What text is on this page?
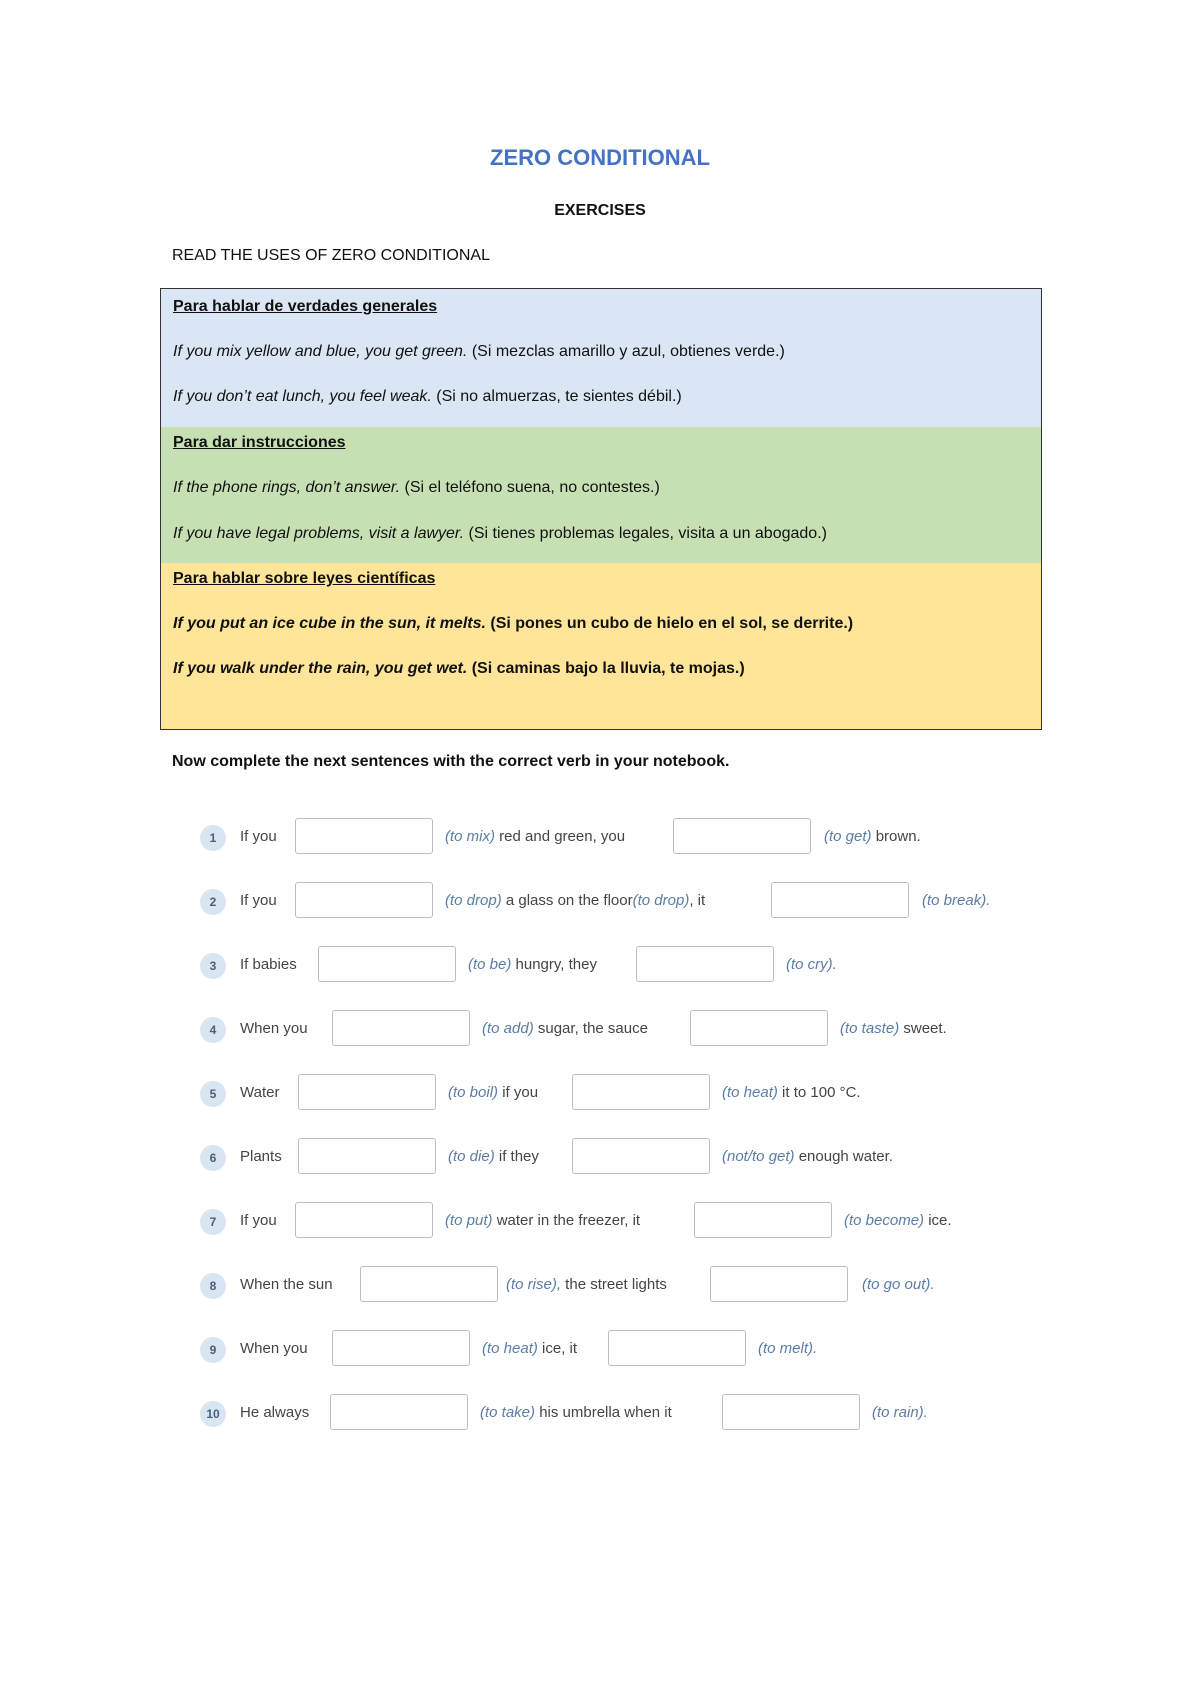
ZERO CONDITIONAL
EXERCISES
READ THE USES OF ZERO CONDITIONAL
Para hablar de verdades generales
If you mix yellow and blue, you get green. (Si mezclas amarillo y azul, obtienes verde.)
If you don’t eat lunch, you feel weak. (Si no almuerzas, te sientes débil.)
Para dar instrucciones
If the phone rings, don’t answer. (Si el teléfono suena, no contestes.)
If you have legal problems, visit a lawyer. (Si tienes problemas legales, visita a un abogado.)
Para hablar sobre leyes científicas
If you put an ice cube in the sun, it melts. (Si pones un cubo de hielo en el sol, se derrite.)
If you walk under the rain, you get wet. (Si caminas bajo la lluvia, te mojas.)
Now complete the next sentences with the correct verb in your notebook.
1	If you	(to mix) red and green, you	(to get) brown.
2	If you	(to drop) a glass on the floor(to drop), it	(to break).
3	If babies	(to be) hungry, they	(to cry).
4	When you	(to add) sugar, the sauce	(to taste) sweet.
5	Water	(to boil) if you	(to heat) it to 100 °C.
6	Plants	(to die) if they	(not/to get) enough water.
7	If you	(to put) water in the freezer, it	(to become) ice.
8	When the sun	(to rise), the street lights	(to go out).
9	When you	(to heat) ice, it	(to melt).
10	He always	(to take) his umbrella when it	(to rain).
